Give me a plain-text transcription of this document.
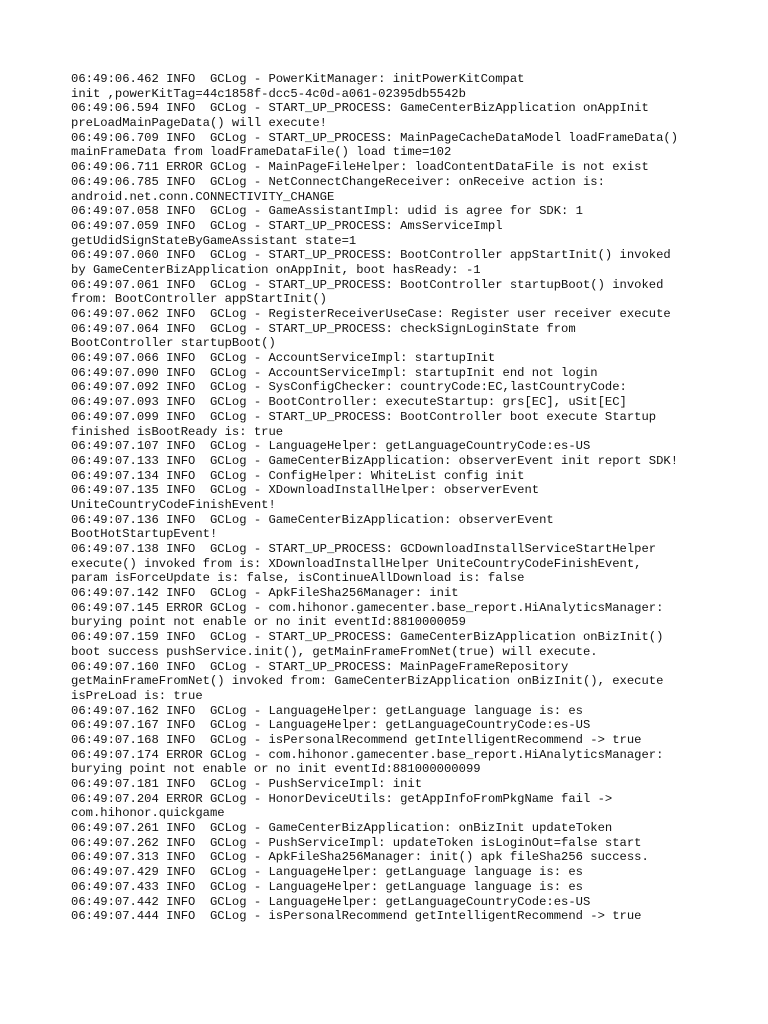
06:49:06.462 INFO  GCLog - PowerKitManager: initPowerKitCompat
init ,powerKitTag=44c1858f-dcc5-4c0d-a061-02395db5542b
06:49:06.594 INFO  GCLog - START_UP_PROCESS: GameCenterBizApplication onAppInit
preLoadMainPageData() will execute!
06:49:06.709 INFO  GCLog - START_UP_PROCESS: MainPageCacheDataModel loadFrameData()
mainFrameData from loadFrameDataFile() load time=102
06:49:06.711 ERROR GCLog - MainPageFileHelper: loadContentDataFile is not exist
06:49:06.785 INFO  GCLog - NetConnectChangeReceiver: onReceive action is:
android.net.conn.CONNECTIVITY_CHANGE
06:49:07.058 INFO  GCLog - GameAssistantImpl: udid is agree for SDK: 1
06:49:07.059 INFO  GCLog - START_UP_PROCESS: AmsServiceImpl
getUdidSignStateByGameAssistant state=1
06:49:07.060 INFO  GCLog - START_UP_PROCESS: BootController appStartInit() invoked
by GameCenterBizApplication onAppInit, boot hasReady: -1
06:49:07.061 INFO  GCLog - START_UP_PROCESS: BootController startupBoot() invoked
from: BootController appStartInit()
06:49:07.062 INFO  GCLog - RegisterReceiverUseCase: Register user receiver execute
06:49:07.064 INFO  GCLog - START_UP_PROCESS: checkSignLoginState from
BootController startupBoot()
06:49:07.066 INFO  GCLog - AccountServiceImpl: startupInit
06:49:07.090 INFO  GCLog - AccountServiceImpl: startupInit end not login
06:49:07.092 INFO  GCLog - SysConfigChecker: countryCode:EC,lastCountryCode:
06:49:07.093 INFO  GCLog - BootController: executeStartup: grs[EC], uSit[EC]
06:49:07.099 INFO  GCLog - START_UP_PROCESS: BootController boot execute Startup
finished isBootReady is: true
06:49:07.107 INFO  GCLog - LanguageHelper: getLanguageCountryCode:es-US
06:49:07.133 INFO  GCLog - GameCenterBizApplication: observerEvent init report SDK!
06:49:07.134 INFO  GCLog - ConfigHelper: WhiteList config init
06:49:07.135 INFO  GCLog - XDownloadInstallHelper: observerEvent
UniteCountryCodeFinishEvent!
06:49:07.136 INFO  GCLog - GameCenterBizApplication: observerEvent
BootHotStartupEvent!
06:49:07.138 INFO  GCLog - START_UP_PROCESS: GCDownloadInstallServiceStartHelper
execute() invoked from is: XDownloadInstallHelper UniteCountryCodeFinishEvent,
param isForceUpdate is: false, isContinueAllDownload is: false
06:49:07.142 INFO  GCLog - ApkFileSha256Manager: init
06:49:07.145 ERROR GCLog - com.hihonor.gamecenter.base_report.HiAnalyticsManager:
burying point not enable or no init eventId:8810000059
06:49:07.159 INFO  GCLog - START_UP_PROCESS: GameCenterBizApplication onBizInit()
boot success pushService.init(), getMainFrameFromNet(true) will execute.
06:49:07.160 INFO  GCLog - START_UP_PROCESS: MainPageFrameRepository
getMainFrameFromNet() invoked from: GameCenterBizApplication onBizInit(), execute
isPreLoad is: true
06:49:07.162 INFO  GCLog - LanguageHelper: getLanguage language is: es
06:49:07.167 INFO  GCLog - LanguageHelper: getLanguageCountryCode:es-US
06:49:07.168 INFO  GCLog - isPersonalRecommend getIntelligentRecommend -> true
06:49:07.174 ERROR GCLog - com.hihonor.gamecenter.base_report.HiAnalyticsManager:
burying point not enable or no init eventId:881000000099
06:49:07.181 INFO  GCLog - PushServiceImpl: init
06:49:07.204 ERROR GCLog - HonorDeviceUtils: getAppInfoFromPkgName fail ->
com.hihonor.quickgame
06:49:07.261 INFO  GCLog - GameCenterBizApplication: onBizInit updateToken
06:49:07.262 INFO  GCLog - PushServiceImpl: updateToken isLoginOut=false start
06:49:07.313 INFO  GCLog - ApkFileSha256Manager: init() apk fileSha256 success.
06:49:07.429 INFO  GCLog - LanguageHelper: getLanguage language is: es
06:49:07.433 INFO  GCLog - LanguageHelper: getLanguage language is: es
06:49:07.442 INFO  GCLog - LanguageHelper: getLanguageCountryCode:es-US
06:49:07.444 INFO  GCLog - isPersonalRecommend getIntelligentRecommend -> true
